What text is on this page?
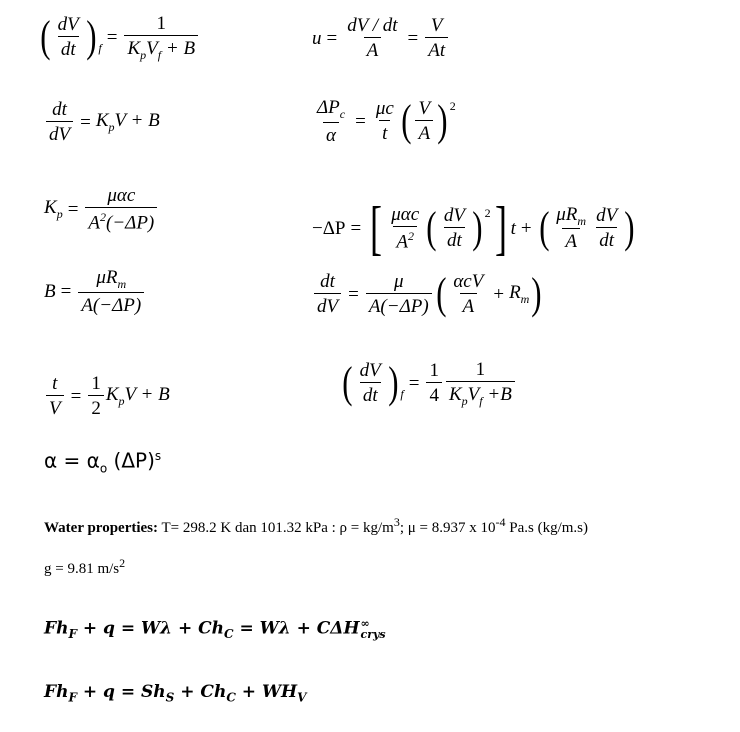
( $\frac{dV}{dt} )_f$
= $\frac{1}{K_pV_f + B}$	$u = \frac{dV / dt}{A} = \frac{V}{At}$
$\frac{dt}{dV} = K_pV + B$	$\frac{\Delta P_c}{\alpha} = \frac{\mu c}{t}$ ( $\frac{V}{A} )^2$
$K_p = \frac{\text{μαc}}{A^2(-\Delta P)}$	−ΔP = [ $\frac{\text{μαc}}{A^2}$ ( $\frac{dV}{dt} )^2$ ] t + ( $\frac{\mu R_m}{A} \frac{dV}{dt}$ )
$B = \frac{\mu R_m}{A(-\Delta P)}$	$\frac{dt}{dV} = \frac{\mu}{A(-\Delta P)}$ ( $\frac{\text{αcV}}{A} + R_m$ )
$\frac{t}{V} = \frac{1}{2} K_pV + B$	( $\frac{dV}{dt} )_f$
= $\frac{1}{4} \frac{1}{K_pV_f +B}$
$\alpha = \alpha_o$ $(\Delta P)^s$
Water properties: T= 298.2 K dan 101.32 kPa : $\rho = kg/m^3$; μ = 8.937 x $10^{-4}$ Pa.s (kg/m.s)
g = 9.81 $m/s^2$
$Fh_F + q = W\lambda + Ch_C = W\lambda + C\Delta H$ ∞
crys
$Fh_F + q = Sh_S + Ch_C + WH_V$
